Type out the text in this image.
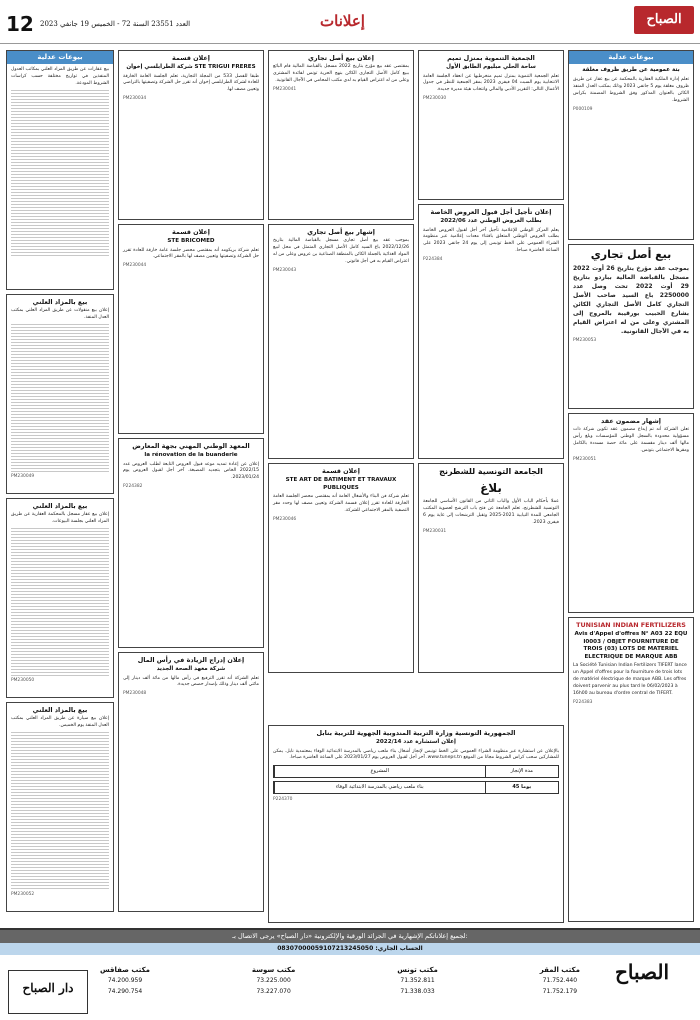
12 العدد 23551 السنة 72 - الخميس 19 جانفي 2023	إعلانات	الصباح
بيوعات عدلية
بتة عمومية عن طريق ظروف مغلقة

تعلم إدارة الملكية العقارية بالمحكمة عن بيع عقار عن طريق ظروف مغلقة يوم 5 جانفي 2023 وذلك بمكتب العدل المنفذ الكائن بالعنوان المذكور وفق الشروط المضمنة بكراس الشروط.

P000109
بيع أصل تجاري

بموجب عقد مؤرخ بتاريخ 26 أوت 2022 مسجل بالقباضة المالية بباردو بتاريخ 29 أوت 2022 تحت وصل عدد 2250000 باع السيد صاحب الأصل التجاري كامل الأصل التجاري الكائن بشارع الحبيب بورقيبة بالمروج إلى المشتري وعلى من له اعتراض القيام به في الآجال القانونية.

PM230053
إشهار مضمون عقد

تعلن الشركة أنه تم إيداع مضمون عقد تكوين شركة ذات مسؤولية محدودة بالسجل الوطني للمؤسسات وبلغ رأس مالها ألف دينار مقسمة على مائة حصة مسددة بالكامل ومقرها الاجتماعي بتونس.

PM230051
TUNISIAN INDIAN FERTILIZERS
Avis d'Appel d'offres N° A03 22 EQU I0003 / OBJET FOURNITURE DE TROIS (03) LOTS DE MATERIEL ELECTRIQUE DE MARQUE ABB

La Société Tunisian Indian Fertilizers TIFERT lance un Appel d'offres pour la fourniture de trois lots de matériel électrique de marque ABB. Les offres doivent parvenir au plus tard le 06/02/2023 à 16h00 au bureau d'ordre central de TIFERT.

P224383
الجمعية التنموية بمنزل تميم
ساحة الحلي مبليوم الطابق الأول

تعلم الجمعية التنموية بمنزل تميم منخرطيها عن انعقاد الجلسة العامة الانتخابية يوم السبت 04 فيفري 2023 بمقر الجمعية للنظر في جدول الأعمال التالي: التقرير الأدبي والمالي وانتخاب هيئة مديرة جديدة.

PM230030
إعلان تأجيل أجل قبول العروض الخاصة
بطلب العروض الوطني عدد 2022/06

يعلم المركز الوطني للإعلامية تأجيل آخر أجل لقبول العروض الخاصة بطلب العروض الوطني المتعلق باقتناء معدات إعلامية عبر منظومة الشراء العمومي على الخط تونبس إلى يوم 24 جانفي 2023 على الساعة العاشرة صباحا.

P224384
الجامعة التونسية للشطرنج
بلاغ

عملا بأحكام الباب الأول والباب الثاني من القانون الأساسي للجامعة التونسية للشطرنج، تعلم الجامعة عن فتح باب الترشح لعضوية المكتب الجامعي للمدة النيابية 2021-2025 وتقبل الترشحات إلى غاية يوم 6 فيفري 2023.

PM230031
إعلان بيع أصل تجاري

بمقتضى عقد بيع مؤرخ بتاريخ 2022 مسجل بالقباضة المالية قام البائع ببيع كامل الأصل التجاري الكائن بنهج الحرية تونس لفائدة المشتري وعلى من له اعتراض القيام به لدى مكتب المحامي في الآجال القانونية.

PM230041
إشهار بيع أصل تجاري

بموجب عقد بيع أصل تجاري مسجل بالقباضة المالية بتاريخ 2022/12/26 باع السيد كامل الأصل التجاري المتمثل في محل لبيع المواد الغذائية بالجملة الكائن بالمنطقة الصناعية بن عروس وعلى من له اعتراض القيام به في أجل قانوني.

PM230043
إعلان قسمة
STE ART DE BATIMENT ET TRAVAUX PUBLIQUES

تعلم شركة فن البناء والأشغال العامة أنه بمقتضى محضر الجلسة العامة الخارقة للعادة تقرر إعلان قسمة الشركة وتعيين مصف لها وحدد مقر التصفية بالمقر الاجتماعي للشركة.

PM230046
الجمهورية التونسية وزارة التربية المندوبية الجهوية للتربية بنابل
إعلان استشارة عدد 2022/14

بالإعلان عن استشارة عبر منظومة الشراء العمومي على الخط تونبس لإنجاز أشغال بناء ملعب رياضي بالمدرسة الابتدائية الوفاء بمعتمدية نابل. يمكن للمشاركين سحب كراس الشروط مجانا من الموقع www.tuneps.tn. آخر أجل لقبول العروض يوم 2023/01/27 على الساعة العاشرة صباحا.

المشروع	مدة الإنجاز
بناء ملعب رياضي بالمدرسة الابتدائية الوفاء	45 يوما
P224370
إعلان قسمة
شركة الطرابلسي إخوان STE TRIGUI FRERES

طبقا للفصل 533 من المجلة التجارية، تعلم الجلسة العامة الخارقة للعادة لشركة الطرابلسي إخوان أنه تقرر حل الشركة وتصفيتها بالتراضي وتعيين مصف لها.

PM230034
إعلان قسمة
STE BRICOMED

تعلم شركة بريكومد أنه بمقتضى محضر جلسة عامة خارقة للعادة تقرر حل الشركة وتصفيتها وتعيين مصف لها بالمقر الاجتماعي.

PM230044
المعهد الوطني المهني بجهة المعارض
la rénovation de la buanderie

إعلان عن إعادة تمديد موعد قبول العروض التابعة لطلب العروض عدد 2022/15 الخاص بتجديد المصبغة. آخر أجل لقبول العروض يوم 2023/01/24.

P224382
إعلان إدراج الزيادة في رأس المال
شركة معهد الصحة الجديد

تعلم الشركة أنه تقرر الترفيع في رأس مالها من مائة ألف دينار إلى مائتي ألف دينار وذلك بإصدار حصص جديدة.

PM230048
بيوعات عدلية

بيع عقارات عن طريق المزاد العلني بمكاتب العدول المنفذين في تواريخ مختلفة حسب كراسات الشروط المودعة.

بيع بالمزاد العلني

إعلان بيع منقولات عن طريق المزاد العلني بمكتب العدل المنفذ.

PM230049
بيع بالمزاد العلني

إعلان بيع عقار مسجل بالمحكمة العقارية عن طريق المزاد العلني بجلسة البيوعات.

PM230050
بيع بالمزاد العلني

إعلان بيع سيارة عن طريق المزاد العلني بمكتب العدل المنفذ يوم الخميس.

PM230052
لجميع إعلاناتكم الإشهارية في الجرائد الورقية والإلكترونية «دار الصباح» يرجى الاتصال بـ:
الحساب الجاري: 08307000059107213245050
دار الصباح
مكتب صفاقس
74.200.959
74.290.754
مكتب سوسة
73.225.000
73.227.070
مكتب تونس
71.352.811
71.338.033
مكتب المقر
71.752.440
71.752.179
الصباح
